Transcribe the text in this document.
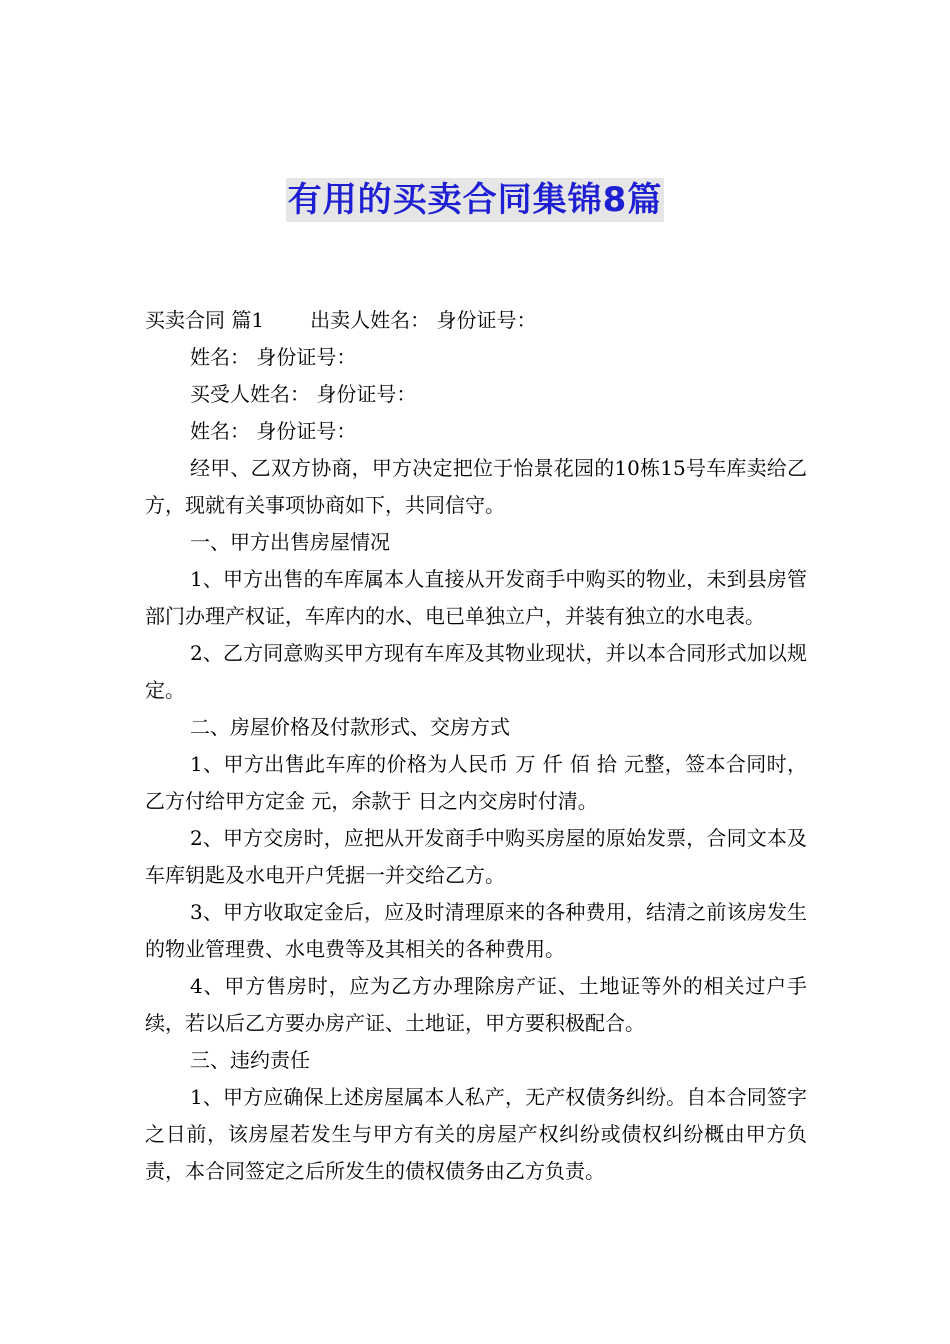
有用的买卖合同集锦8篇

买卖合同 篇1 出卖人姓名： 身份证号：

姓名： 身份证号：

买受人姓名： 身份证号：

姓名： 身份证号：

经甲、乙双方协商，甲方决定把位于怡景花园的10栋15号车库卖给乙方，现就有关事项协商如下，共同信守。

一、甲方出售房屋情况

1、甲方出售的车库属本人直接从开发商手中购买的物业，未到县房管部门办理产权证，车库内的水、电已单独立户，并装有独立的水电表。

2、乙方同意购买甲方现有车库及其物业现状，并以本合同形式加以规定。

二、房屋价格及付款形式、交房方式

1、甲方出售此车库的价格为人民币 万 仟 佰 拾 元整，签本合同时，乙方付给甲方定金 元，余款于 日之内交房时付清。

2、甲方交房时，应把从开发商手中购买房屋的原始发票，合同文本及车库钥匙及水电开户凭据一并交给乙方。

3、甲方收取定金后，应及时清理原来的各种费用，结清之前该房发生的物业管理费、水电费等及其相关的各种费用。

4、甲方售房时，应为乙方办理除房产证、土地证等外的相关过户手续，若以后乙方要办房产证、土地证，甲方要积极配合。

三、违约责任

1、甲方应确保上述房屋属本人私产，无产权债务纠纷。自本合同签字之日前，该房屋若发生与甲方有关的房屋产权纠纷或债权纠纷概由甲方负责，本合同签定之后所发生的债权债务由乙方负责。
